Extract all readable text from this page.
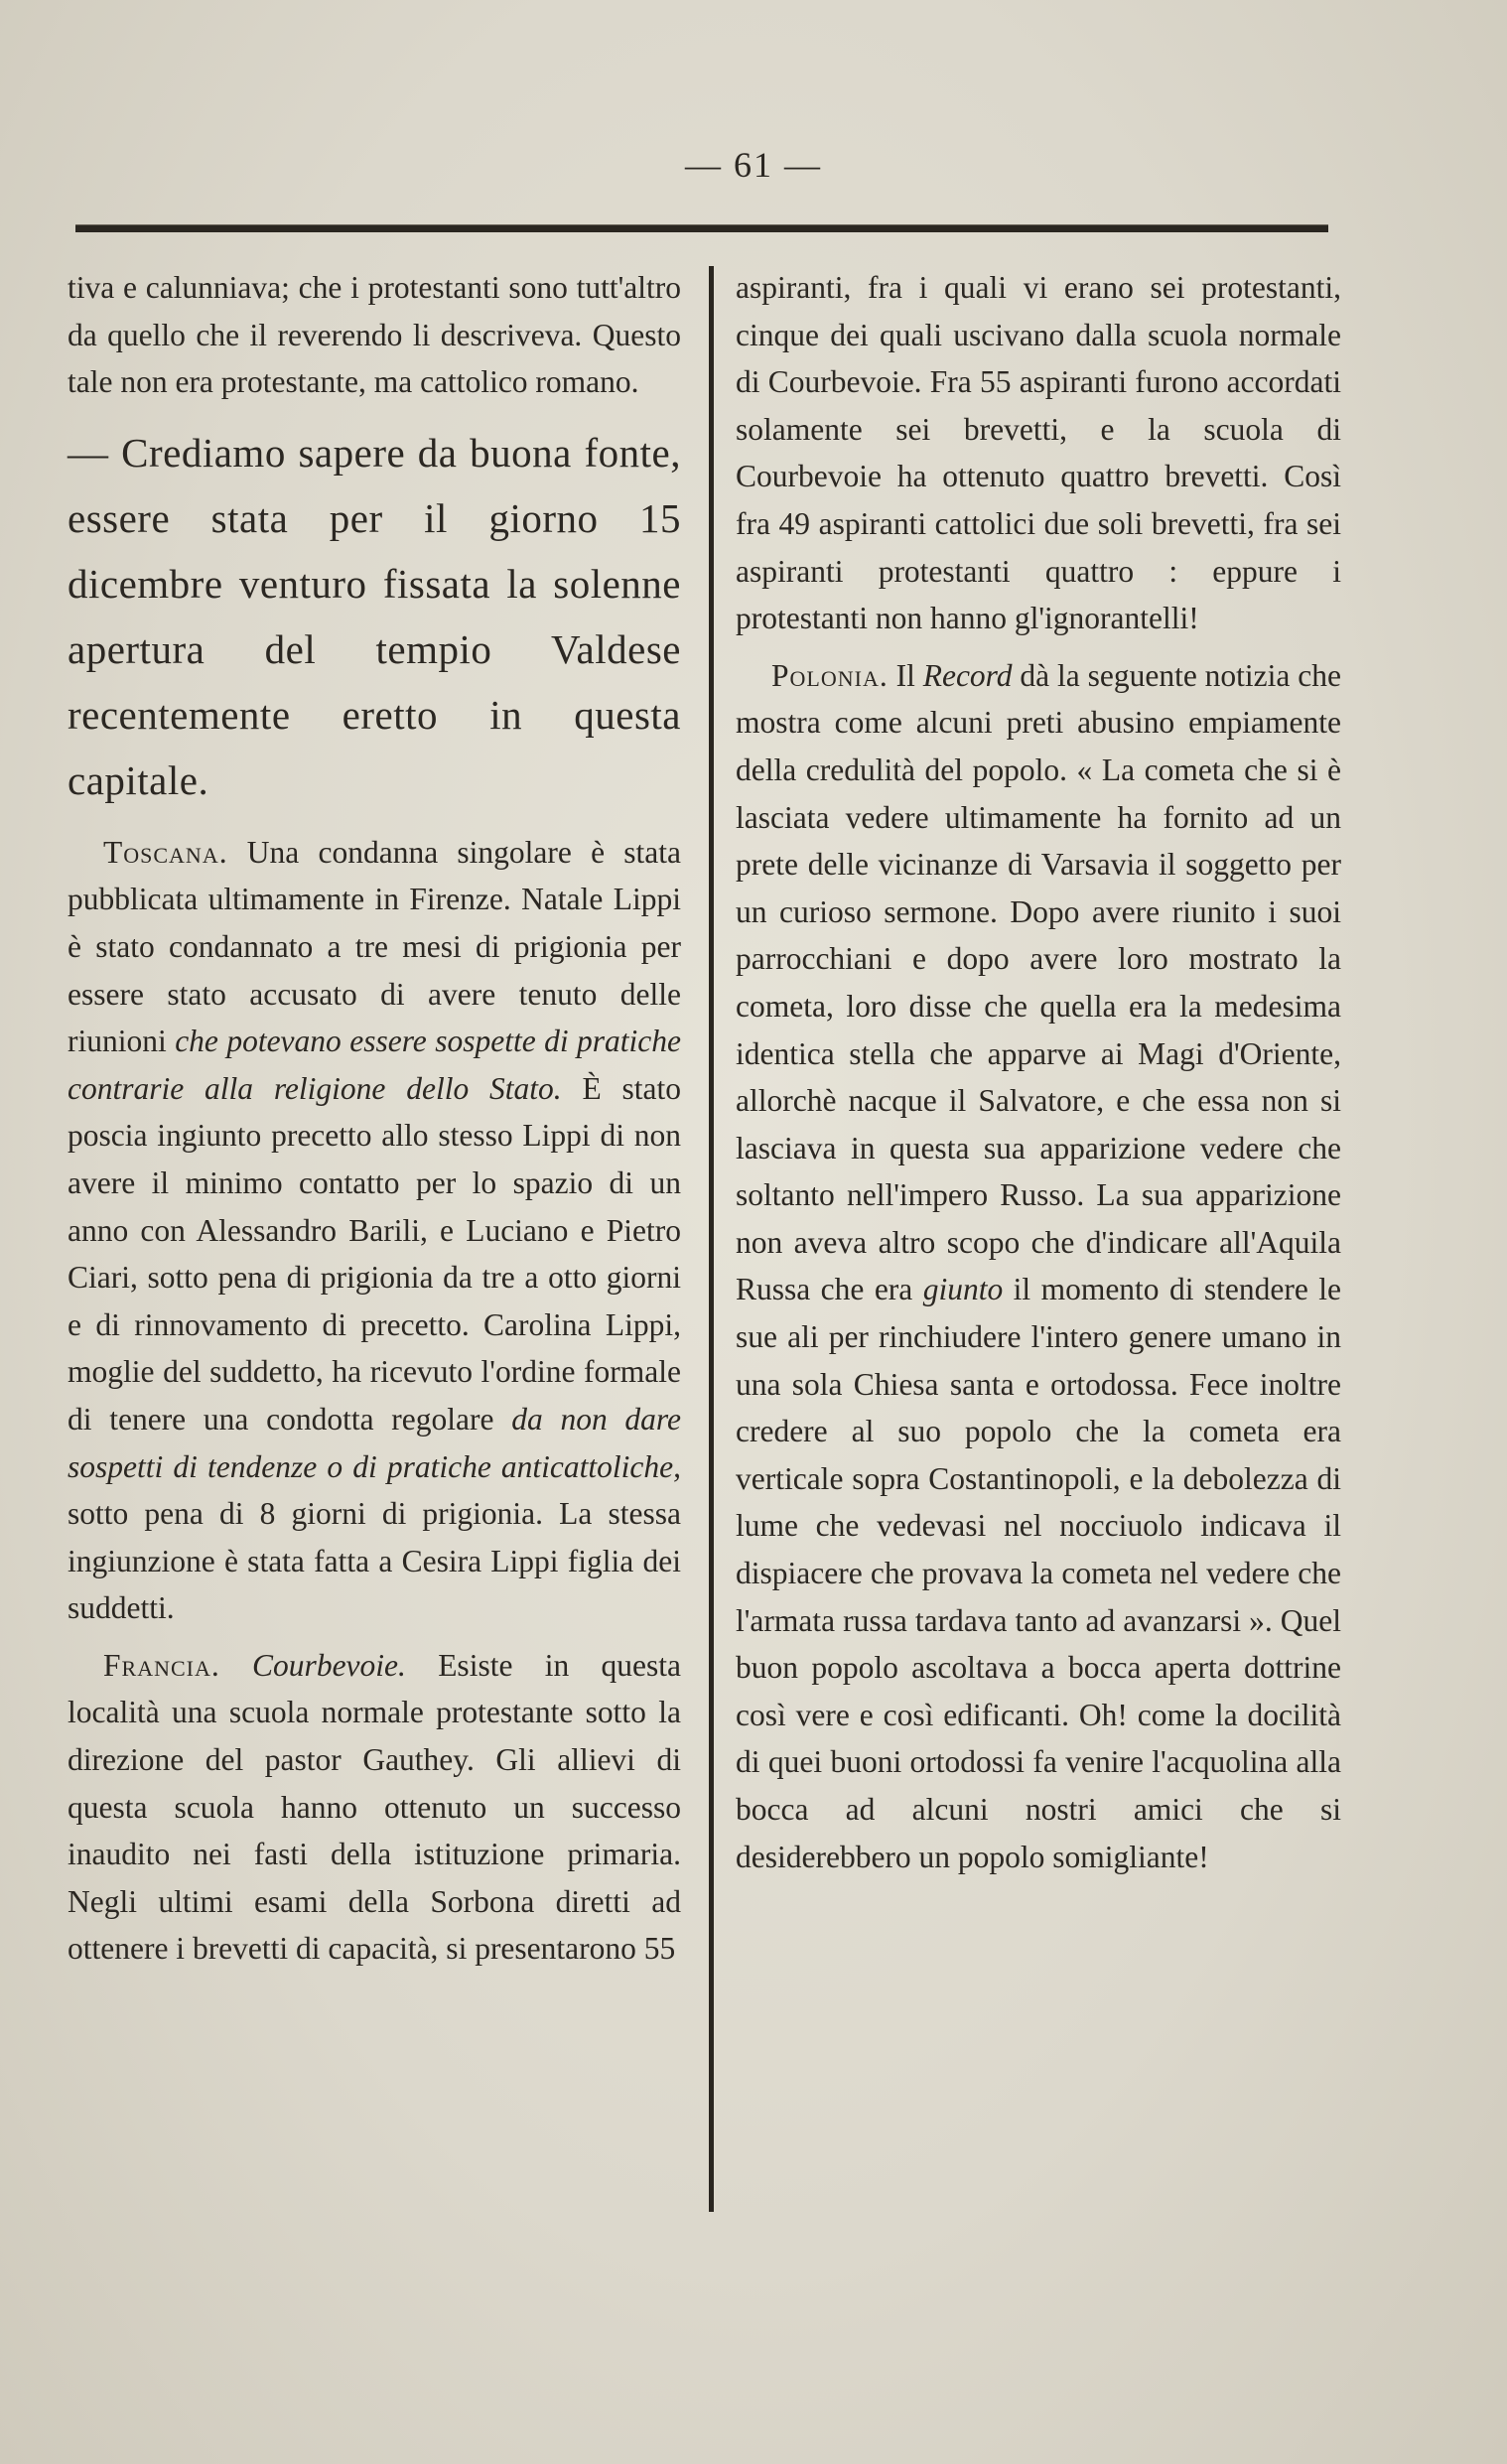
— 61 —

tiva e calunniava; che i protestanti sono tutt'altro da quello che il reverendo li descriveva. Questo tale non era protestante, ma cattolico romano.

— Crediamo sapere da buona fonte, essere stata per il giorno 15 dicembre venturo fissata la solenne apertura del tempio Valdese recentemente eretto in questa capitale.

Toscana. Una condanna singolare è stata pubblicata ultimamente in Firenze. Natale Lippi è stato condannato a tre mesi di prigionia per essere stato accusato di avere tenuto delle riunioni che potevano essere sospette di pratiche contrarie alla religione dello Stato. È stato poscia ingiunto precetto allo stesso Lippi di non avere il minimo contatto per lo spazio di un anno con Alessandro Barili, e Luciano e Pietro Ciari, sotto pena di prigionia da tre a otto giorni e di rinnovamento di precetto. Carolina Lippi, moglie del suddetto, ha ricevuto l'ordine formale di tenere una condotta regolare da non dare sospetti di tendenze o di pratiche anticattoliche, sotto pena di 8 giorni di prigionia. La stessa ingiunzione è stata fatta a Cesira Lippi figlia dei suddetti.

Francia. Courbevoie. Esiste in questa località una scuola normale protestante sotto la direzione del pastor Gauthey. Gli allievi di questa scuola hanno ottenuto un successo inaudito nei fasti della istituzione primaria. Negli ultimi esami della Sorbona diretti ad ottenere i brevetti di capacità, si presentarono 55

aspiranti, fra i quali vi erano sei protestanti, cinque dei quali uscivano dalla scuola normale di Courbevoie. Fra 55 aspiranti furono accordati solamente sei brevetti, e la scuola di Courbevoie ha ottenuto quattro brevetti. Così fra 49 aspiranti cattolici due soli brevetti, fra sei aspiranti protestanti quattro : eppure i protestanti non hanno gl'ignorantelli!

Polonia. Il Record dà la seguente notizia che mostra come alcuni preti abusino empiamente della credulità del popolo. « La cometa che si è lasciata vedere ultimamente ha fornito ad un prete delle vicinanze di Varsavia il soggetto per un curioso sermone. Dopo avere riunito i suoi parrocchiani e dopo avere loro mostrato la cometa, loro disse che quella era la medesima identica stella che apparve ai Magi d'Oriente, allorchè nacque il Salvatore, e che essa non si lasciava in questa sua apparizione vedere che soltanto nell'impero Russo. La sua apparizione non aveva altro scopo che d'indicare all'Aquila Russa che era giunto il momento di stendere le sue ali per rinchiudere l'intero genere umano in una sola Chiesa santa e ortodossa. Fece inoltre credere al suo popolo che la cometa era verticale sopra Costantinopoli, e la debolezza di lume che vedevasi nel nocciuolo indicava il dispiacere che provava la cometa nel vedere che l'armata russa tardava tanto ad avanzarsi ». Quel buon popolo ascoltava a bocca aperta dottrine così vere e così edificanti. Oh! come la docilità di quei buoni ortodossi fa venire l'acquolina alla bocca ad alcuni nostri amici che si desiderebbero un popolo somigliante!
